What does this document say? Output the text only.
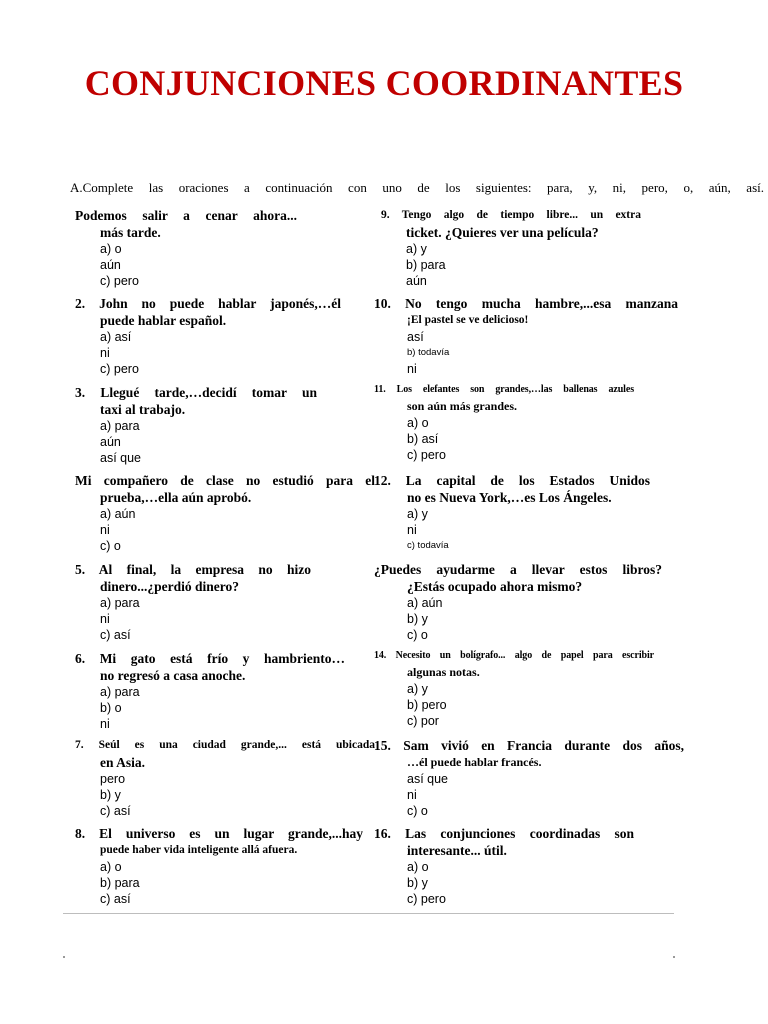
CONJUNCIONES COORDINANTES
A.Complete las oraciones a continuación con uno de los siguientes: para, y, ni, pero, o, aún, así.
Podemos salir a cenar ahora...
más tarde.
a) o
aún
c) pero
2. John no puede hablar japonés,…él
puede hablar español.
a) así
ni
c) pero
3. Llegué tarde,…decidí tomar un
taxi al trabajo.
a) para
aún
así que
Mi compañero de clase no estudió para el
prueba,…ella aún aprobó.
a) aún
ni
c) o
5. Al final, la empresa no hizo
dinero...¿perdió dinero?
a) para
ni
c) así
6. Mi gato está frío y hambriento…
no regresó a casa anoche.
a) para
b) o
ni
7. Seúl es una ciudad grande,... está ubicada
en Asia.
pero
b) y
c) así
8. El universo es un lugar grande,...hay
puede haber vida inteligente allá afuera.
a) o
b) para
c) así
9. Tengo algo de tiempo libre... un extra
ticket. ¿Quieres ver una película?
a) y
b) para
aún
10. No tengo mucha hambre,...esa manzana
¡El pastel se ve delicioso!
así
b) todavía
ni
11. Los elefantes son grandes,…las ballenas azules
son aún más grandes.
a) o
b) así
c) pero
12. La capital de los Estados Unidos
no es Nueva York,…es Los Ángeles.
a) y
ni
c) todavía
¿Puedes ayudarme a llevar estos libros?
¿Estás ocupado ahora mismo?
a) aún
b) y
c) o
14. Necesito un bolígrafo... algo de papel para escribir
algunas notas.
a) y
b) pero
c) por
15. Sam vivió en Francia durante dos años,
…él puede hablar francés.
así que
ni
c) o
16. Las conjunciones coordinadas son
interesante... útil.
a) o
b) y
c) pero
